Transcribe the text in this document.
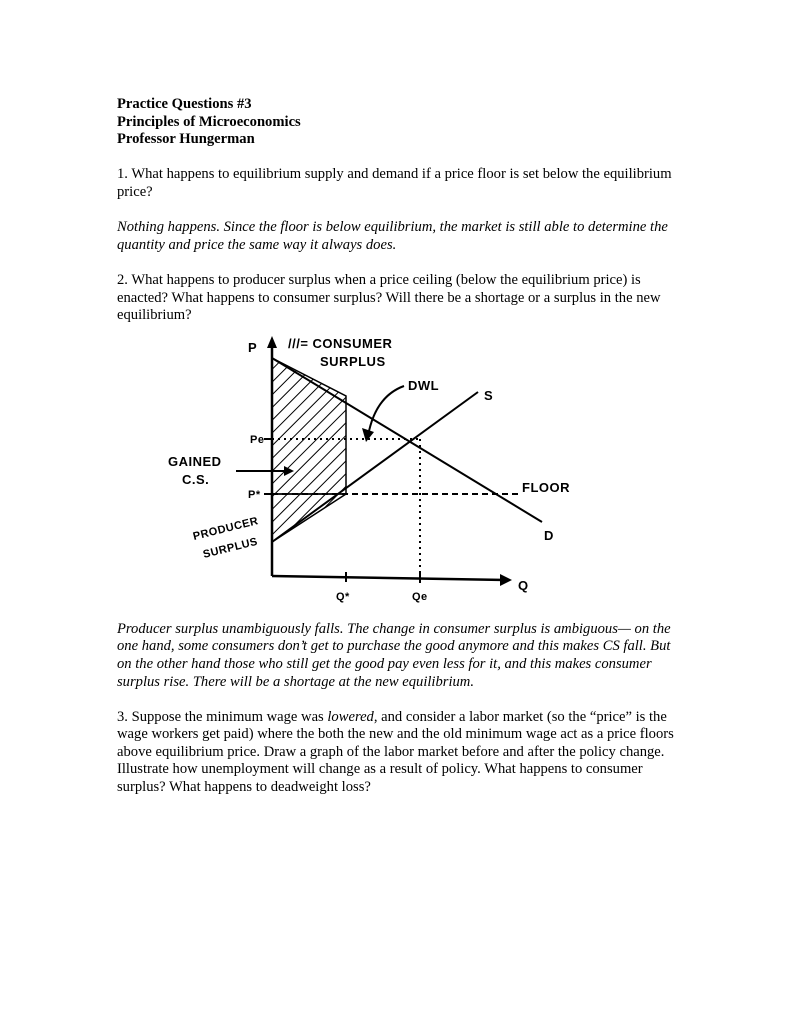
Practice Questions #3
Principles of Microeconomics
Professor Hungerman
1. What happens to equilibrium supply and demand if a price floor is set below the equilibrium price?
Nothing happens. Since the floor is below equilibrium, the market is still able to determine the quantity and price the same way it always does.
2. What happens to producer surplus when a price ceiling (below the equilibrium price) is enacted? What happens to consumer surplus? Will there be a shortage or a surplus in the new equilibrium?
Producer surplus unambiguously falls. The change in consumer surplus is ambiguous— on the one hand, some consumers don’t get to purchase the good anymore and this makes CS fall. But on the other hand those who still get the good pay even less for it, and this makes consumer surplus rise. There will be a shortage at the new equilibrium.
3. Suppose the minimum wage was lowered, and consider a labor market (so the “price” is the wage workers get paid) where the both the new and the old minimum wage act as a price floors above equilibrium price. Draw a graph of the labor market before and after the policy change. Illustrate how unemployment will change as a result of policy. What happens to consumer surplus? What happens to deadweight loss?
P
Q
///= CONSUMER
SURPLUS
DWL
S
D
FLOOR
Pe
P*
Q*	Qe
GAINED
C.S.
PRODUCER
SURPLUS
